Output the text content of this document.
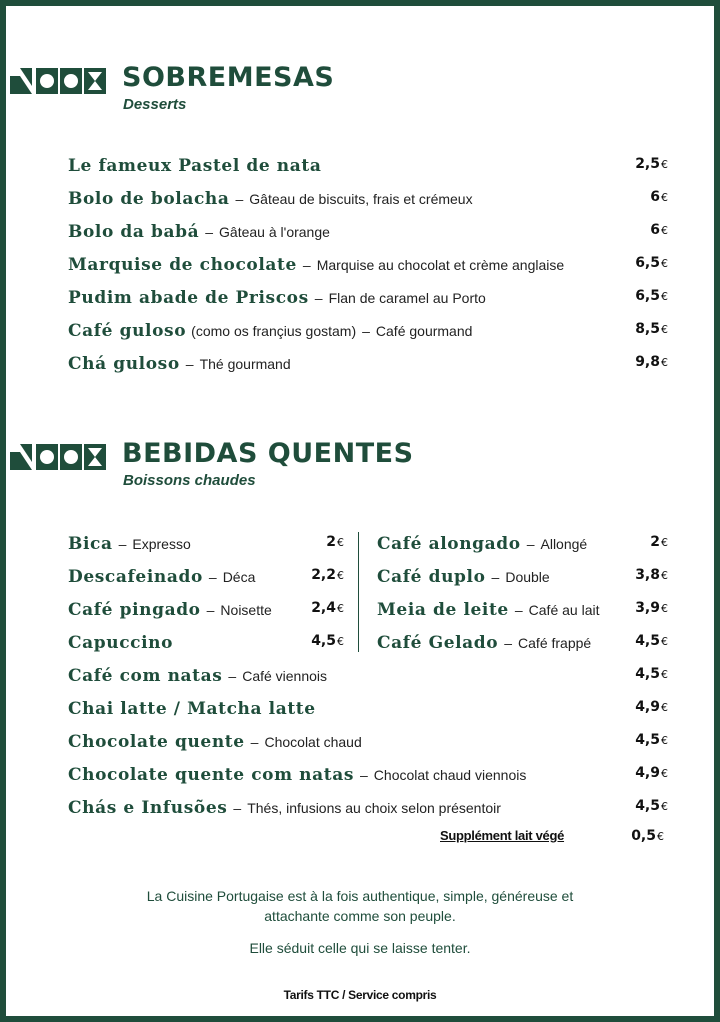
SOBREMESAS
Desserts
Le fameux Pastel de nata	2,5€
Bolo de bolacha – Gâteau de biscuits, frais et crémeux	6€
Bolo da babá – Gâteau à l'orange	6€
Marquise de chocolate – Marquise au chocolat et crème anglaise	6,5€
Pudim abade de Priscos – Flan de caramel au Porto	6,5€
Café guloso (como os françius gostam) – Café gourmand	8,5€
Chá guloso – Thé gourmand	9,8€
BEBIDAS QUENTES
Boissons chaudes
Bica – Expresso	2€
Descafeinado – Déca	2,2€
Café pingado – Noisette	2,4€
Capuccino	4,5€
Café alongado – Allongé	2€
Café duplo – Double	3,8€
Meia de leite – Café au lait	3,9€
Café Gelado – Café frappé	4,5€
Café com natas – Café viennois	4,5€
Chai latte / Matcha latte	4,9€
Chocolate quente – Chocolat chaud	4,5€
Chocolate quente com natas – Chocolat chaud viennois	4,9€
Chás e Infusões – Thés, infusions au choix selon présentoir	4,5€
Supplément lait végé	0,5€
La Cuisine Portugaise est à la fois authentique, simple, généreuse et
attachante comme son peuple.
Elle séduit celle qui se laisse tenter.
Tarifs TTC / Service compris
